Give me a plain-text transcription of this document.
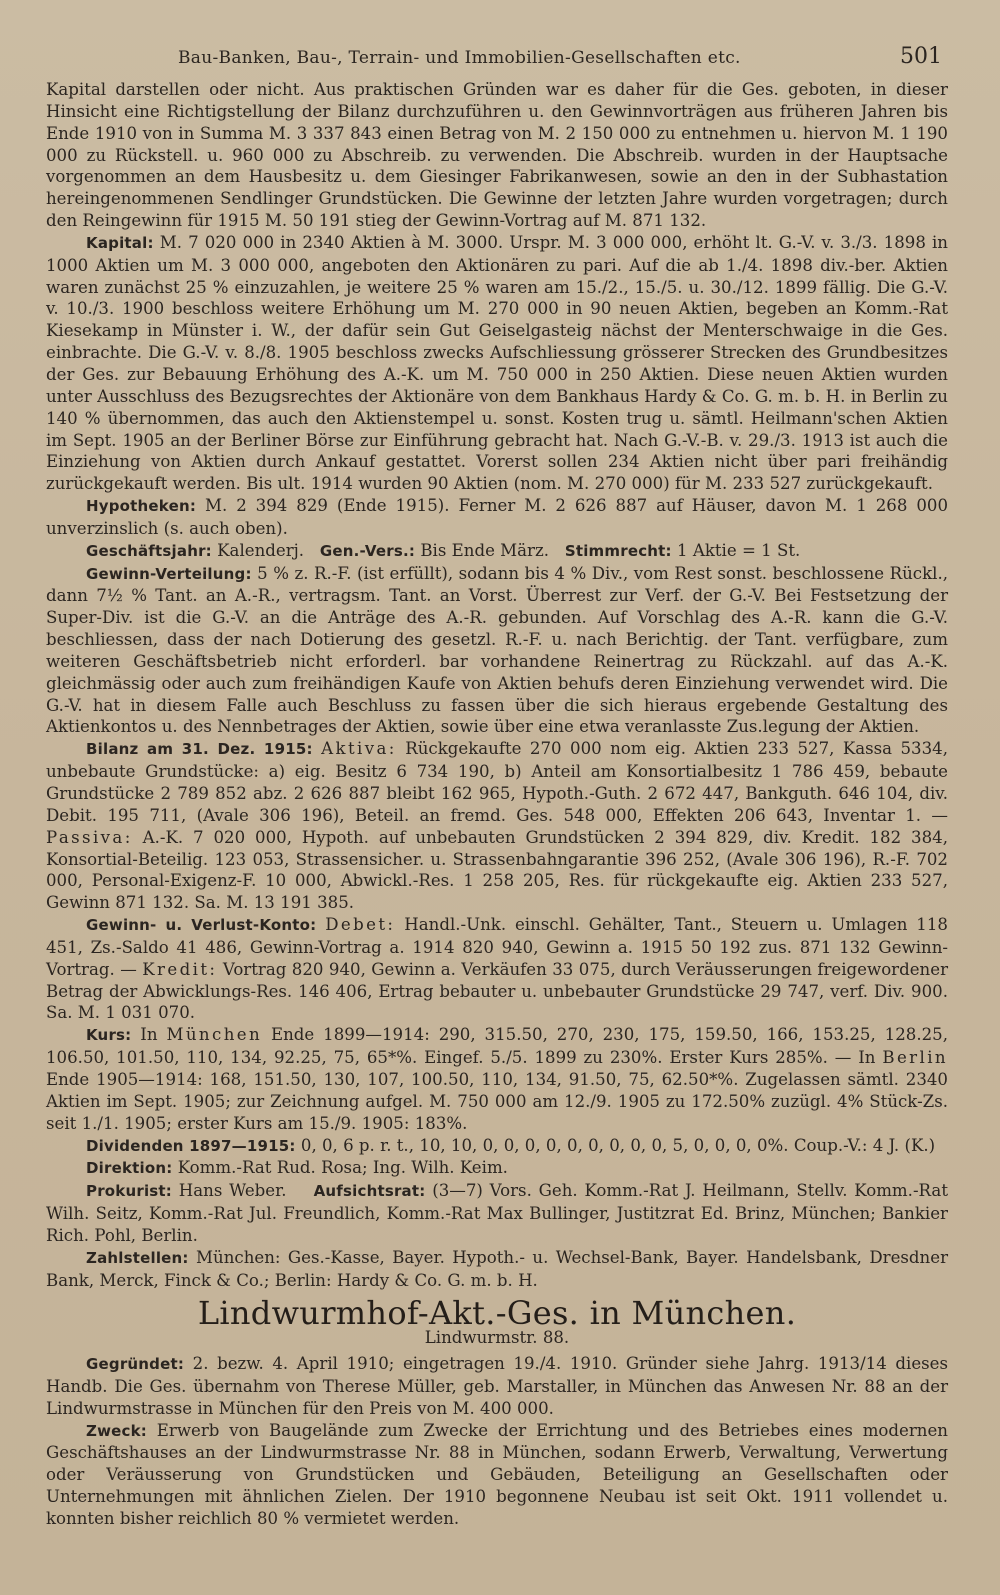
Bau-Banken, Bau-, Terrain- und Immobilien-Gesellschaften etc.	501

Kapital darstellen oder nicht. Aus praktischen Gründen war es daher für die Ges. geboten, in dieser Hinsicht eine Richtigstellung der Bilanz durchzuführen u. den Gewinnvorträgen aus früheren Jahren bis Ende 1910 von in Summa M. 3 337 843 einen Betrag von M. 2 150 000 zu entnehmen u. hiervon M. 1 190 000 zu Rückstell. u. 960 000 zu Abschreib. zu verwenden. Die Abschreib. wurden in der Hauptsache vorgenommen an dem Hausbesitz u. dem Giesinger Fabrikanwesen, sowie an den in der Subhastation hereingenommenen Sendlinger Grundstücken. Die Gewinne der letzten Jahre wurden vorgetragen; durch den Reingewinn für 1915 M. 50 191 stieg der Gewinn-Vortrag auf M. 871 132.

Kapital: M. 7 020 000 in 2340 Aktien à M. 3000. Urspr. M. 3 000 000, erhöht lt. G.-V. v. 3./3. 1898 in 1000 Aktien um M. 3 000 000, angeboten den Aktionären zu pari. Auf die ab 1./4. 1898 div.-ber. Aktien waren zunächst 25 % einzuzahlen, je weitere 25 % waren am 15./2., 15./5. u. 30./12. 1899 fällig. Die G.-V. v. 10./3. 1900 beschloss weitere Erhöhung um M. 270 000 in 90 neuen Aktien, begeben an Komm.-Rat Kiesekamp in Münster i. W., der dafür sein Gut Geiselgasteig nächst der Menterschwaige in die Ges. einbrachte. Die G.-V. v. 8./8. 1905 beschloss zwecks Aufschliessung grösserer Strecken des Grundbesitzes der Ges. zur Bebauung Erhöhung des A.-K. um M. 750 000 in 250 Aktien. Diese neuen Aktien wurden unter Ausschluss des Bezugsrechtes der Aktionäre von dem Bankhaus Hardy & Co. G. m. b. H. in Berlin zu 140 % übernommen, das auch den Aktienstempel u. sonst. Kosten trug u. sämtl. Heilmann'schen Aktien im Sept. 1905 an der Berliner Börse zur Einführung gebracht hat. Nach G.-V.-B. v. 29./3. 1913 ist auch die Einziehung von Aktien durch Ankauf gestattet. Vorerst sollen 234 Aktien nicht über pari freihändig zurückgekauft werden. Bis ult. 1914 wurden 90 Aktien (nom. M. 270 000) für M. 233 527 zurückgekauft.

Hypotheken: M. 2 394 829 (Ende 1915). Ferner M. 2 626 887 auf Häuser, davon M. 1 268 000 unverzinslich (s. auch oben).

Geschäftsjahr: Kalenderj. Gen.-Vers.: Bis Ende März. Stimmrecht: 1 Aktie = 1 St.

Gewinn-Verteilung: 5 % z. R.-F. (ist erfüllt), sodann bis 4 % Div., vom Rest sonst. beschlossene Rückl., dann 7½ % Tant. an A.-R., vertragsm. Tant. an Vorst. Überrest zur Verf. der G.-V. Bei Festsetzung der Super-Div. ist die G.-V. an die Anträge des A.-R. gebunden. Auf Vorschlag des A.-R. kann die G.-V. beschliessen, dass der nach Dotierung des gesetzl. R.-F. u. nach Berichtig. der Tant. verfügbare, zum weiteren Geschäftsbetrieb nicht erforderl. bar vorhandene Reinertrag zu Rückzahl. auf das A.-K. gleichmässig oder auch zum freihändigen Kaufe von Aktien behufs deren Einziehung verwendet wird. Die G.-V. hat in diesem Falle auch Beschluss zu fassen über die sich hieraus ergebende Gestaltung des Aktienkontos u. des Nennbetrages der Aktien, sowie über eine etwa veranlasste Zus.legung der Aktien.

Bilanz am 31. Dez. 1915: Aktiva: Rückgekaufte 270 000 nom eig. Aktien 233 527, Kassa 5334, unbebaute Grundstücke: a) eig. Besitz 6 734 190, b) Anteil am Konsortialbesitz 1 786 459, bebaute Grundstücke 2 789 852 abz. 2 626 887 bleibt 162 965, Hypoth.-Guth. 2 672 447, Bankguth. 646 104, div. Debit. 195 711, (Avale 306 196), Beteil. an fremd. Ges. 548 000, Effekten 206 643, Inventar 1. — Passiva: A.-K. 7 020 000, Hypoth. auf unbebauten Grundstücken 2 394 829, div. Kredit. 182 384, Konsortial-Beteilig. 123 053, Strassensicher. u. Strassenbahngarantie 396 252, (Avale 306 196), R.-F. 702 000, Personal-Exigenz-F. 10 000, Abwickl.-Res. 1 258 205, Res. für rückgekaufte eig. Aktien 233 527, Gewinn 871 132. Sa. M. 13 191 385.

Gewinn- u. Verlust-Konto: Debet: Handl.-Unk. einschl. Gehälter, Tant., Steuern u. Umlagen 118 451, Zs.-Saldo 41 486, Gewinn-Vortrag a. 1914 820 940, Gewinn a. 1915 50 192 zus. 871 132 Gewinn-Vortrag. — Kredit: Vortrag 820 940, Gewinn a. Verkäufen 33 075, durch Veräusserungen freigewordener Betrag der Abwicklungs-Res. 146 406, Ertrag bebauter u. unbebauter Grundstücke 29 747, verf. Div. 900. Sa. M. 1 031 070.

Kurs: In München Ende 1899—1914: 290, 315.50, 270, 230, 175, 159.50, 166, 153.25, 128.25, 106.50, 101.50, 110, 134, 92.25, 75, 65*%. Eingef. 5./5. 1899 zu 230%. Erster Kurs 285%. — In Berlin Ende 1905—1914: 168, 151.50, 130, 107, 100.50, 110, 134, 91.50, 75, 62.50*%. Zugelassen sämtl. 2340 Aktien im Sept. 1905; zur Zeichnung aufgel. M. 750 000 am 12./9. 1905 zu 172.50% zuzügl. 4% Stück-Zs. seit 1./1. 1905; erster Kurs am 15./9. 1905: 183%.

Dividenden 1897—1915: 0, 0, 6 p. r. t., 10, 10, 0, 0, 0, 0, 0, 0, 0, 0, 0, 5, 0, 0, 0, 0%. Coup.-V.: 4 J. (K.)

Direktion: Komm.-Rat Rud. Rosa; Ing. Wilh. Keim.

Prokurist: Hans Weber. Aufsichtsrat: (3—7) Vors. Geh. Komm.-Rat J. Heilmann, Stellv. Komm.-Rat Wilh. Seitz, Komm.-Rat Jul. Freundlich, Komm.-Rat Max Bullinger, Justitzrat Ed. Brinz, München; Bankier Rich. Pohl, Berlin.

Zahlstellen: München: Ges.-Kasse, Bayer. Hypoth.- u. Wechsel-Bank, Bayer. Handelsbank, Dresdner Bank, Merck, Finck & Co.; Berlin: Hardy & Co. G. m. b. H.

Lindwurmhof-Akt.-Ges. in München.
Lindwurmstr. 88.

Gegründet: 2. bezw. 4. April 1910; eingetragen 19./4. 1910. Gründer siehe Jahrg. 1913/14 dieses Handb. Die Ges. übernahm von Therese Müller, geb. Marstaller, in München das Anwesen Nr. 88 an der Lindwurmstrasse in München für den Preis von M. 400 000.

Zweck: Erwerb von Baugelände zum Zwecke der Errichtung und des Betriebes eines modernen Geschäftshauses an der Lindwurmstrasse Nr. 88 in München, sodann Erwerb, Verwaltung, Verwertung oder Veräusserung von Grundstücken und Gebäuden, Beteiligung an Gesellschaften oder Unternehmungen mit ähnlichen Zielen. Der 1910 begonnene Neubau ist seit Okt. 1911 vollendet u. konnten bisher reichlich 80 % vermietet werden.
